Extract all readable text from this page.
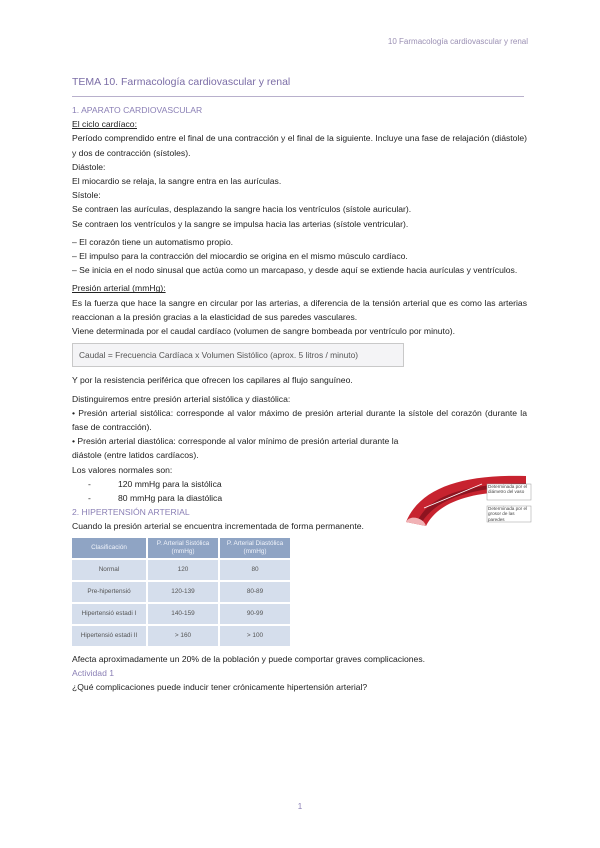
10 Farmacología cardiovascular y renal
TEMA 10. Farmacología cardiovascular y renal

1. APARATO CARDIOVASCULAR

El ciclo cardíaco:

Período comprendido entre el final de una contracción y el final de la siguiente. Incluye una fase de relajación (diástole) y dos de contracción (sístoles).

Diástole:

El miocardio se relaja, la sangre entra en las aurículas.

Sístole:

Se contraen las aurículas, desplazando la sangre hacia los ventrículos (sístole auricular).

Se contraen los ventrículos y la sangre se impulsa hacia las arterias (sístole ventricular).

– El corazón tiene un automatismo propio.

– El impulso para la contracción del miocardio se origina en el mismo músculo cardíaco.

– Se inicia en el nodo sinusal que actúa como un marcapaso, y desde aquí se extiende hacia aurículas y ventrículos.

Presión arterial (mmHg):

Es la fuerza que hace la sangre en circular por las arterias, a diferencia de la tensión arterial que es como las arterias reaccionan a la presión gracias a la elasticidad de sus paredes vasculares.

Viene determinada por el caudal cardíaco (volumen de sangre bombeada por ventrículo por minuto).

Caudal = Frecuencia Cardíaca x Volumen Sistólico (aprox. 5 litros / minuto)

Y por la resistencia periférica que ofrecen los capilares al flujo sanguíneo.

Distinguiremos entre presión arterial sistólica y diastólica:

• Presión arterial sistólica: corresponde al valor máximo de presión arterial durante la sístole del corazón (durante la fase de contracción).

• Presión arterial diastólica: corresponde al valor mínimo de presión arterial durante la diástole (entre latidos cardíacos).

Los valores normales son:

-	120 mmHg para la sistólica

-	80 mmHg para la diastólica

2. HIPERTENSIÓN ARTERIAL

Cuando la presión arterial se encuentra incrementada de forma permanente.

Clasificación	P. Arterial Sistólica (mmHg)	P. Arterial Diastólica (mmHg)
Normal	120	80
Pre-hipertensió	120-139	80-89
Hipertensió estadi I	140-159	90-99
Hipertensió estadi II	> 160	> 100

Afecta aproximadamente un 20% de la población y puede comportar graves complicaciones.

Actividad 1

¿Qué complicaciones puede inducir tener crónicamente hipertensión arterial?

Determinada por el diámetro del vaso
Determinada por el grosor de las paredes
1
